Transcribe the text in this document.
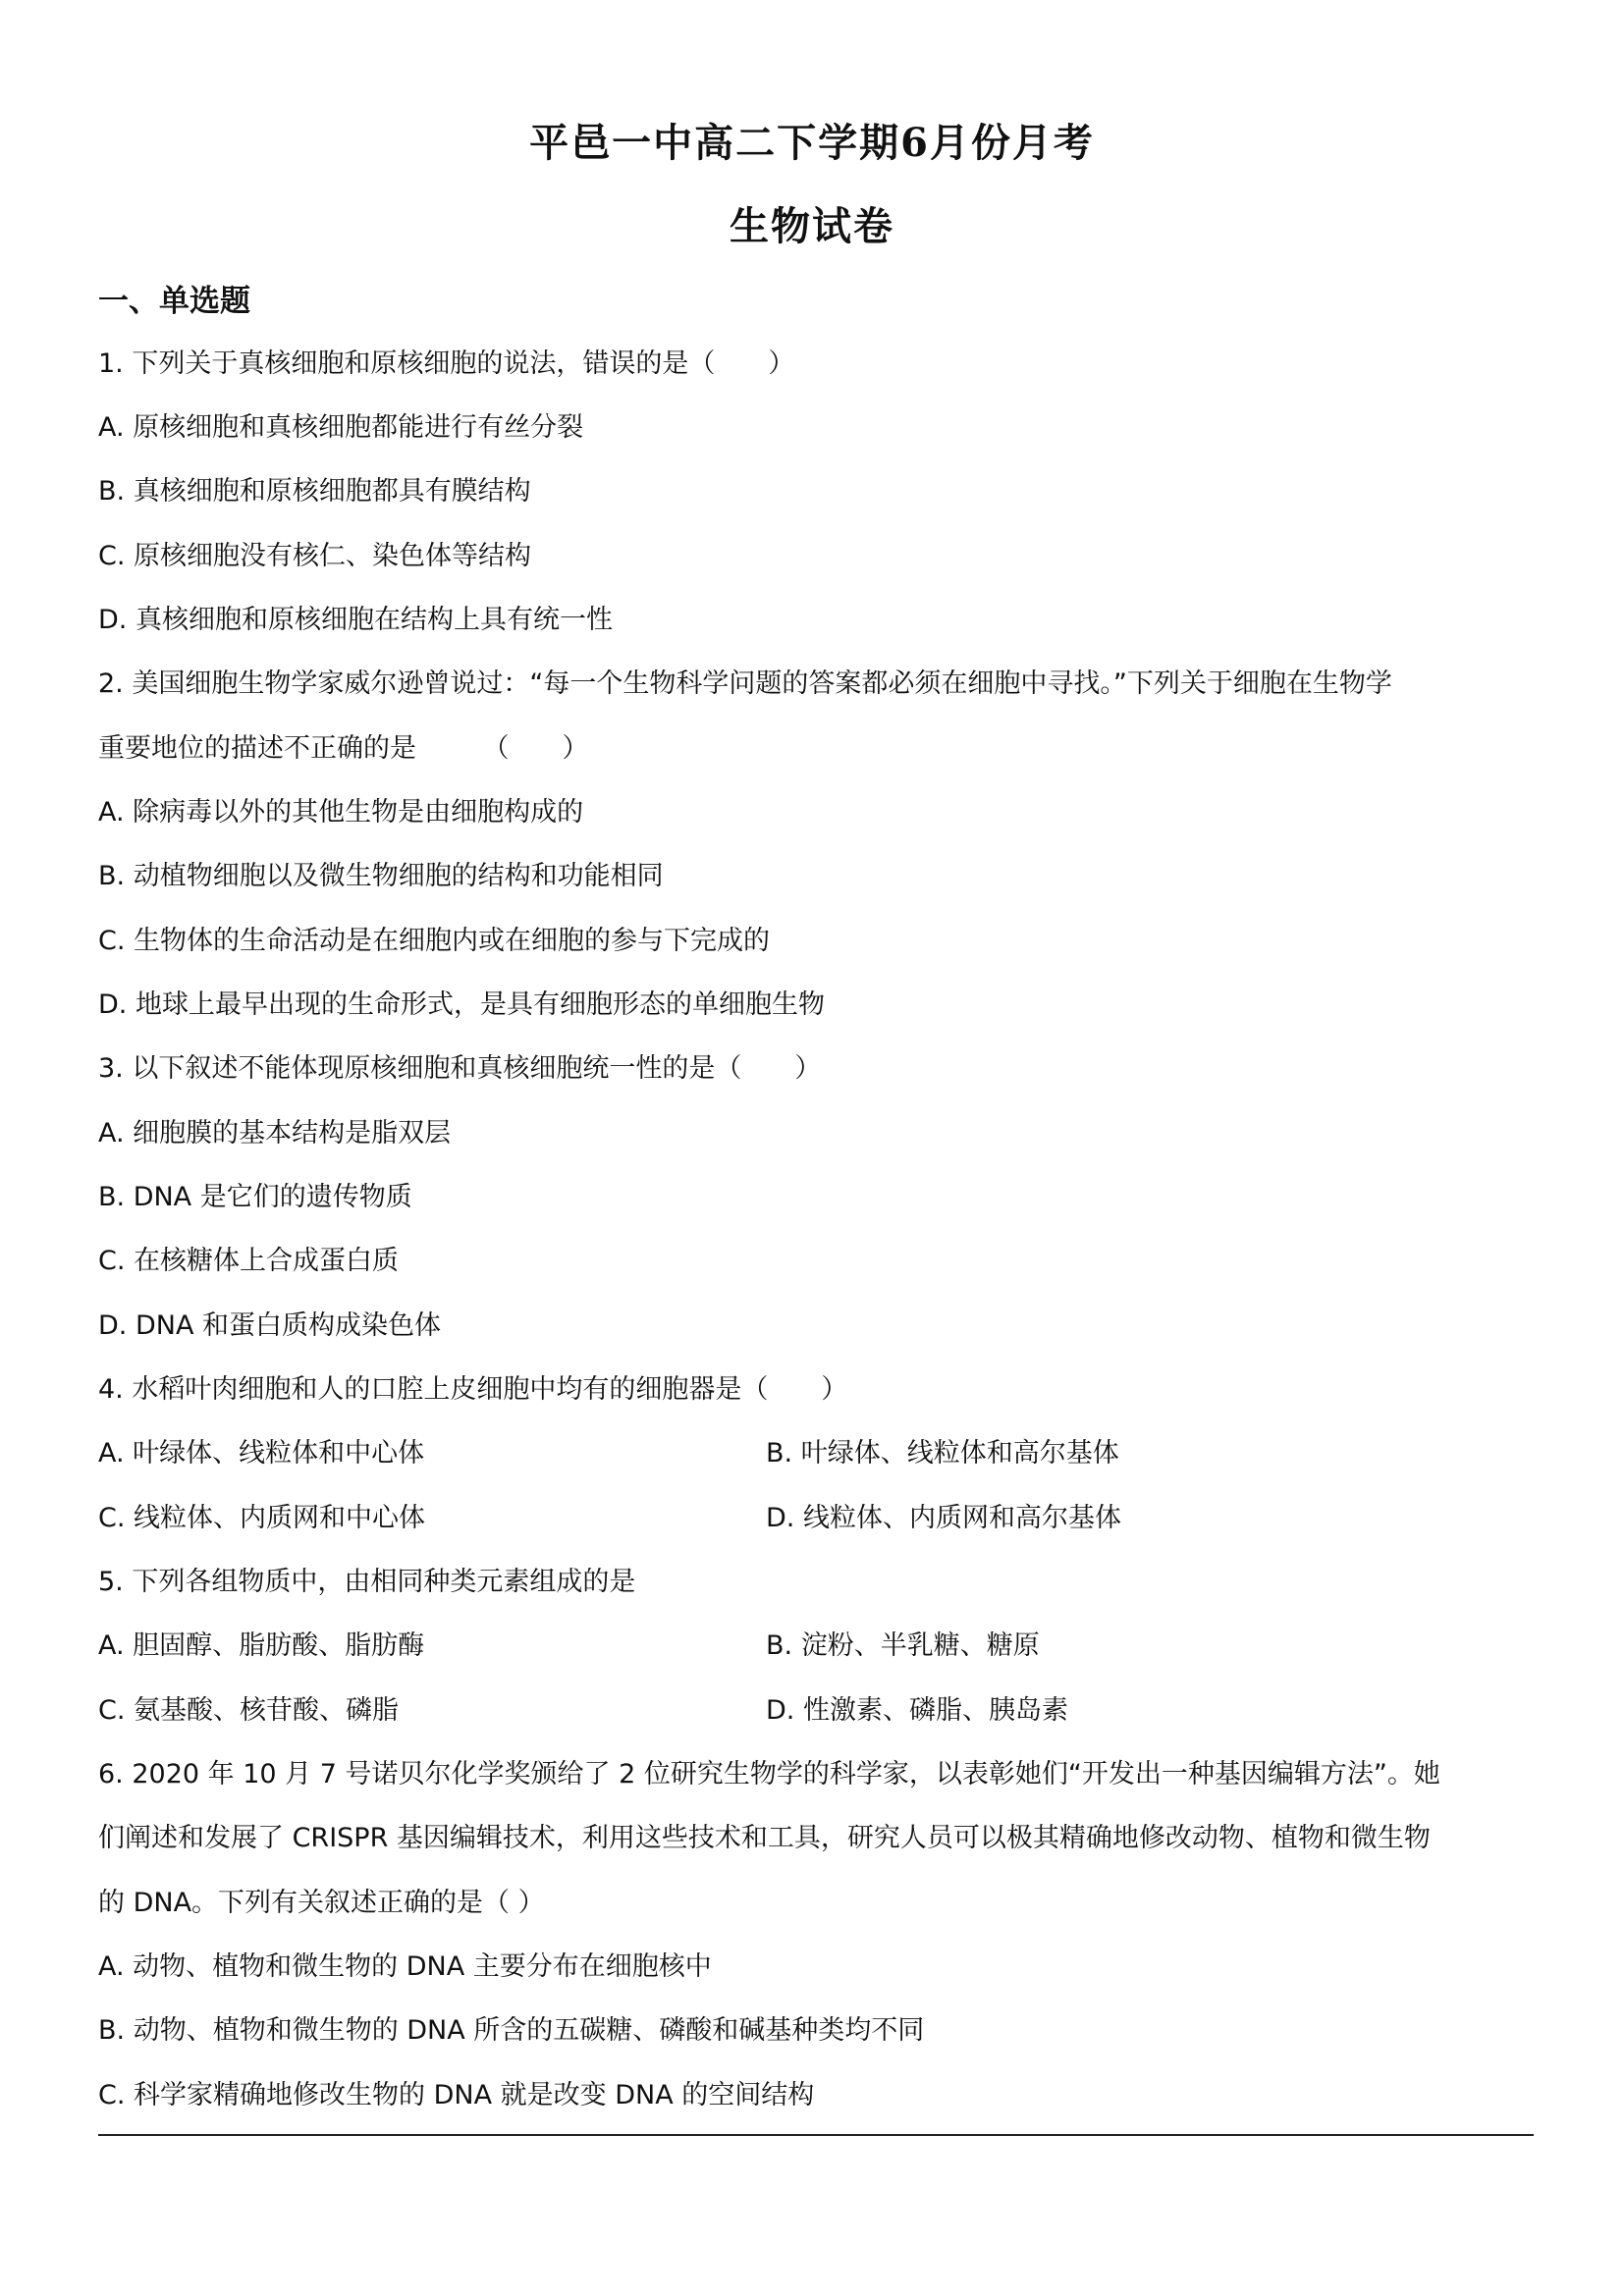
平邑一中高二下学期6月份月考
生物试卷
一、单选题
1. 下列关于真核细胞和原核细胞的说法，错误的是（　　）
A. 原核细胞和真核细胞都能进行有丝分裂
B. 真核细胞和原核细胞都具有膜结构
C. 原核细胞没有核仁、染色体等结构
D. 真核细胞和原核细胞在结构上具有统一性
2. 美国细胞生物学家威尔逊曾说过：“每一个生物科学问题的答案都必须在细胞中寻找。”下列关于细胞在生物学
重要地位的描述不正确的是　　　（　　）
A. 除病毒以外的其他生物是由细胞构成的
B. 动植物细胞以及微生物细胞的结构和功能相同
C. 生物体的生命活动是在细胞内或在细胞的参与下完成的
D. 地球上最早出现的生命形式，是具有细胞形态的单细胞生物
3. 以下叙述不能体现原核细胞和真核细胞统一性的是（　　）
A. 细胞膜的基本结构是脂双层
B. DNA 是它们的遗传物质
C. 在核糖体上合成蛋白质
D. DNA 和蛋白质构成染色体
4. 水稻叶肉细胞和人的口腔上皮细胞中均有的细胞器是（　　）
A. 叶绿体、线粒体和中心体	B. 叶绿体、线粒体和高尔基体
C. 线粒体、内质网和中心体	D. 线粒体、内质网和高尔基体
5. 下列各组物质中，由相同种类元素组成的是
A. 胆固醇、脂肪酸、脂肪酶	B. 淀粉、半乳糖、糖原
C. 氨基酸、核苷酸、磷脂	D. 性激素、磷脂、胰岛素
6. 2020 年 10 月 7 号诺贝尔化学奖颁给了 2 位研究生物学的科学家，以表彰她们“开发出一种基因编辑方法”。她
们阐述和发展了 CRISPR 基因编辑技术，利用这些技术和工具，研究人员可以极其精确地修改动物、植物和微生物
的 DNA。下列有关叙述正确的是（ ）
A. 动物、植物和微生物的 DNA 主要分布在细胞核中
B. 动物、植物和微生物的 DNA 所含的五碳糖、磷酸和碱基种类均不同
C. 科学家精确地修改生物的 DNA 就是改变 DNA 的空间结构
